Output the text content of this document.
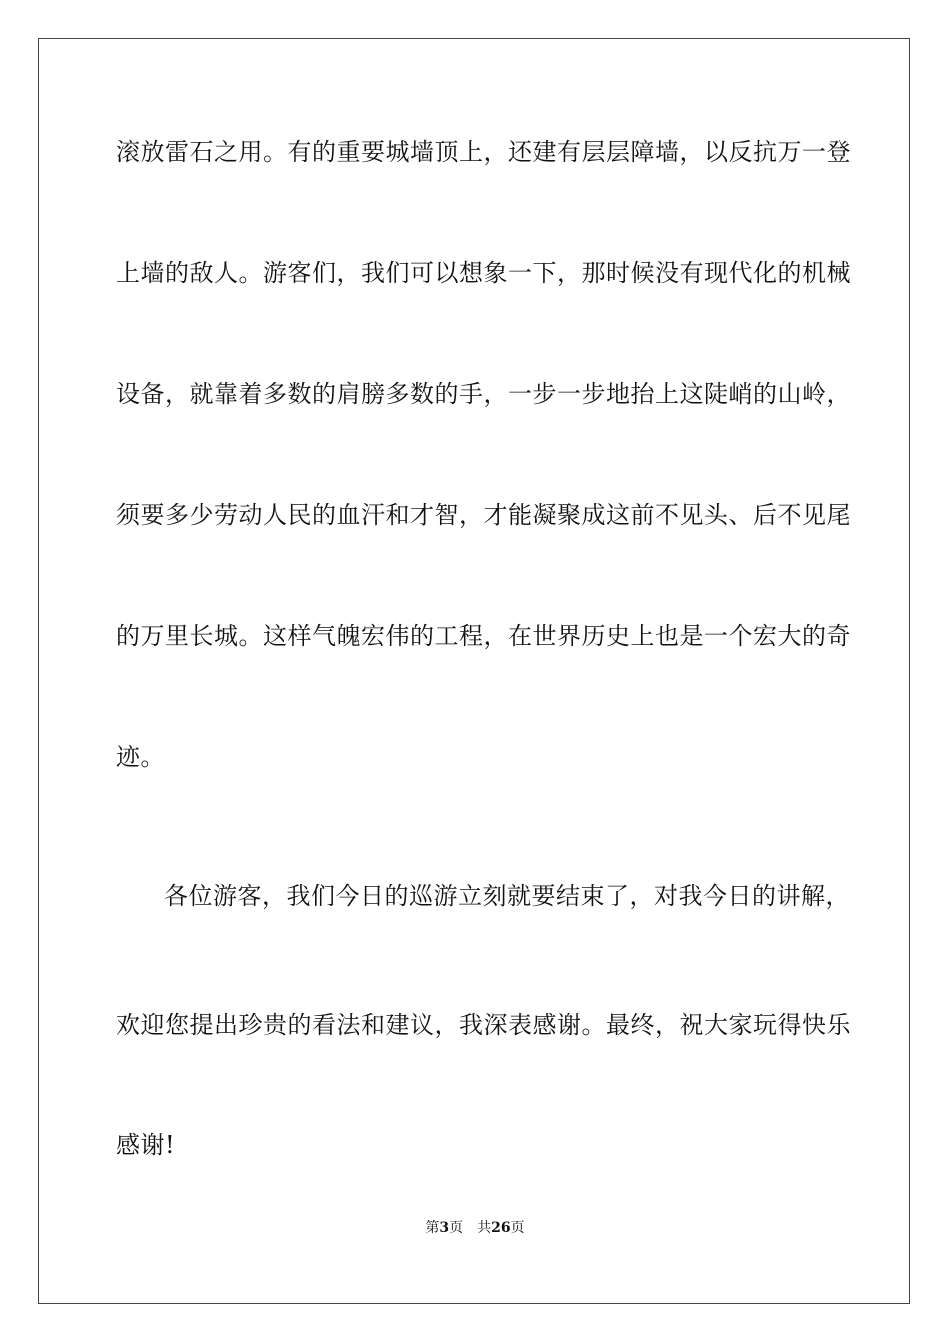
滚放雷石之用。有的重要城墙顶上，还建有层层障墙，以反抗万一登
上墙的敌人。游客们，我们可以想象一下，那时候没有现代化的机械
设备，就靠着多数的肩膀多数的手，一步一步地抬上这陡峭的山岭，
须要多少劳动人民的血汗和才智，才能凝聚成这前不见头、后不见尾
的万里长城。这样气魄宏伟的工程，在世界历史上也是一个宏大的奇
迹。
各位游客，我们今日的巡游立刻就要结束了，对我今日的讲解，
欢迎您提出珍贵的看法和建议，我深表感谢。最终，祝大家玩得快乐
感谢!
第3页 共26页
